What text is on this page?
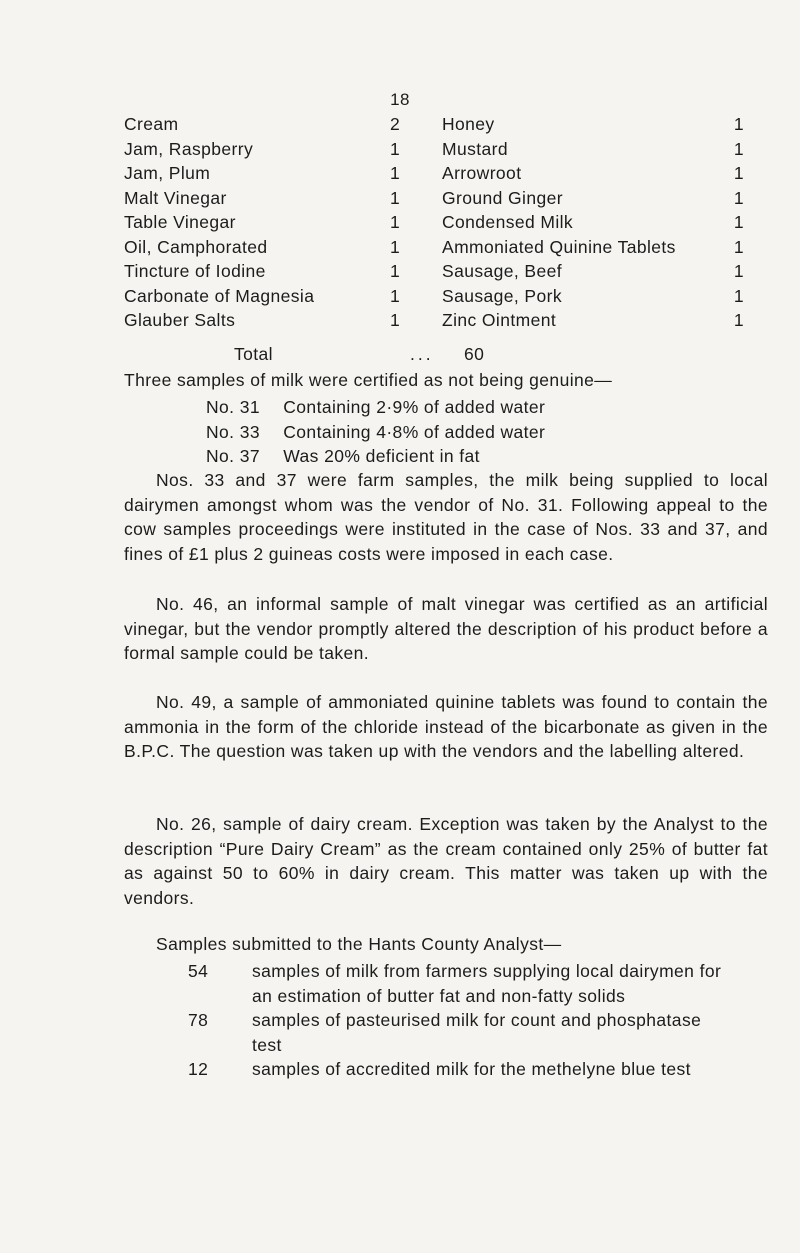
18
Cream	2	Honey	1
Jam, Raspberry	1	Mustard	1
Jam, Plum	1	Arrowroot	1
Malt Vinegar	1	Ground Ginger	1
Table Vinegar	1	Condensed Milk	1
Oil, Camphorated	1	Ammoniated Quinine Tablets	1
Tincture of Iodine	1	Sausage, Beef	1
Carbonate of Magnesia	1	Sausage, Pork	1
Glauber Salts	1	Zinc Ointment	1
Total	... 60
Three samples of milk were certified as not being genuine—
No. 31 Containing 2·9% of added water
No. 33 Containing 4·8% of added water
No. 37 Was 20% deficient in fat

Nos. 33 and 37 were farm samples, the milk being supplied to local dairymen amongst whom was the vendor of No. 31. Following appeal to the cow samples proceedings were instituted in the case of Nos. 33 and 37, and fines of £1 plus 2 guineas costs were imposed in each case.

No. 46, an informal sample of malt vinegar was certified as an artificial vinegar, but the vendor promptly altered the description of his product before a formal sample could be taken.

No. 49, a sample of ammoniated quinine tablets was found to contain the ammonia in the form of the chloride instead of the bicarbonate as given in the B.P.C. The question was taken up with the vendors and the labelling altered.

No. 26, sample of dairy cream. Exception was taken by the Analyst to the description “Pure Dairy Cream” as the cream contained only 25% of butter fat as against 50 to 60% in dairy cream. This matter was taken up with the vendors.

Samples submitted to the Hants County Analyst—
54	samples of milk from farmers supplying local dairymen for an estimation of butter fat and non-fatty solids
78	samples of pasteurised milk for count and phosphatase test
12	samples of accredited milk for the methelyne blue test
